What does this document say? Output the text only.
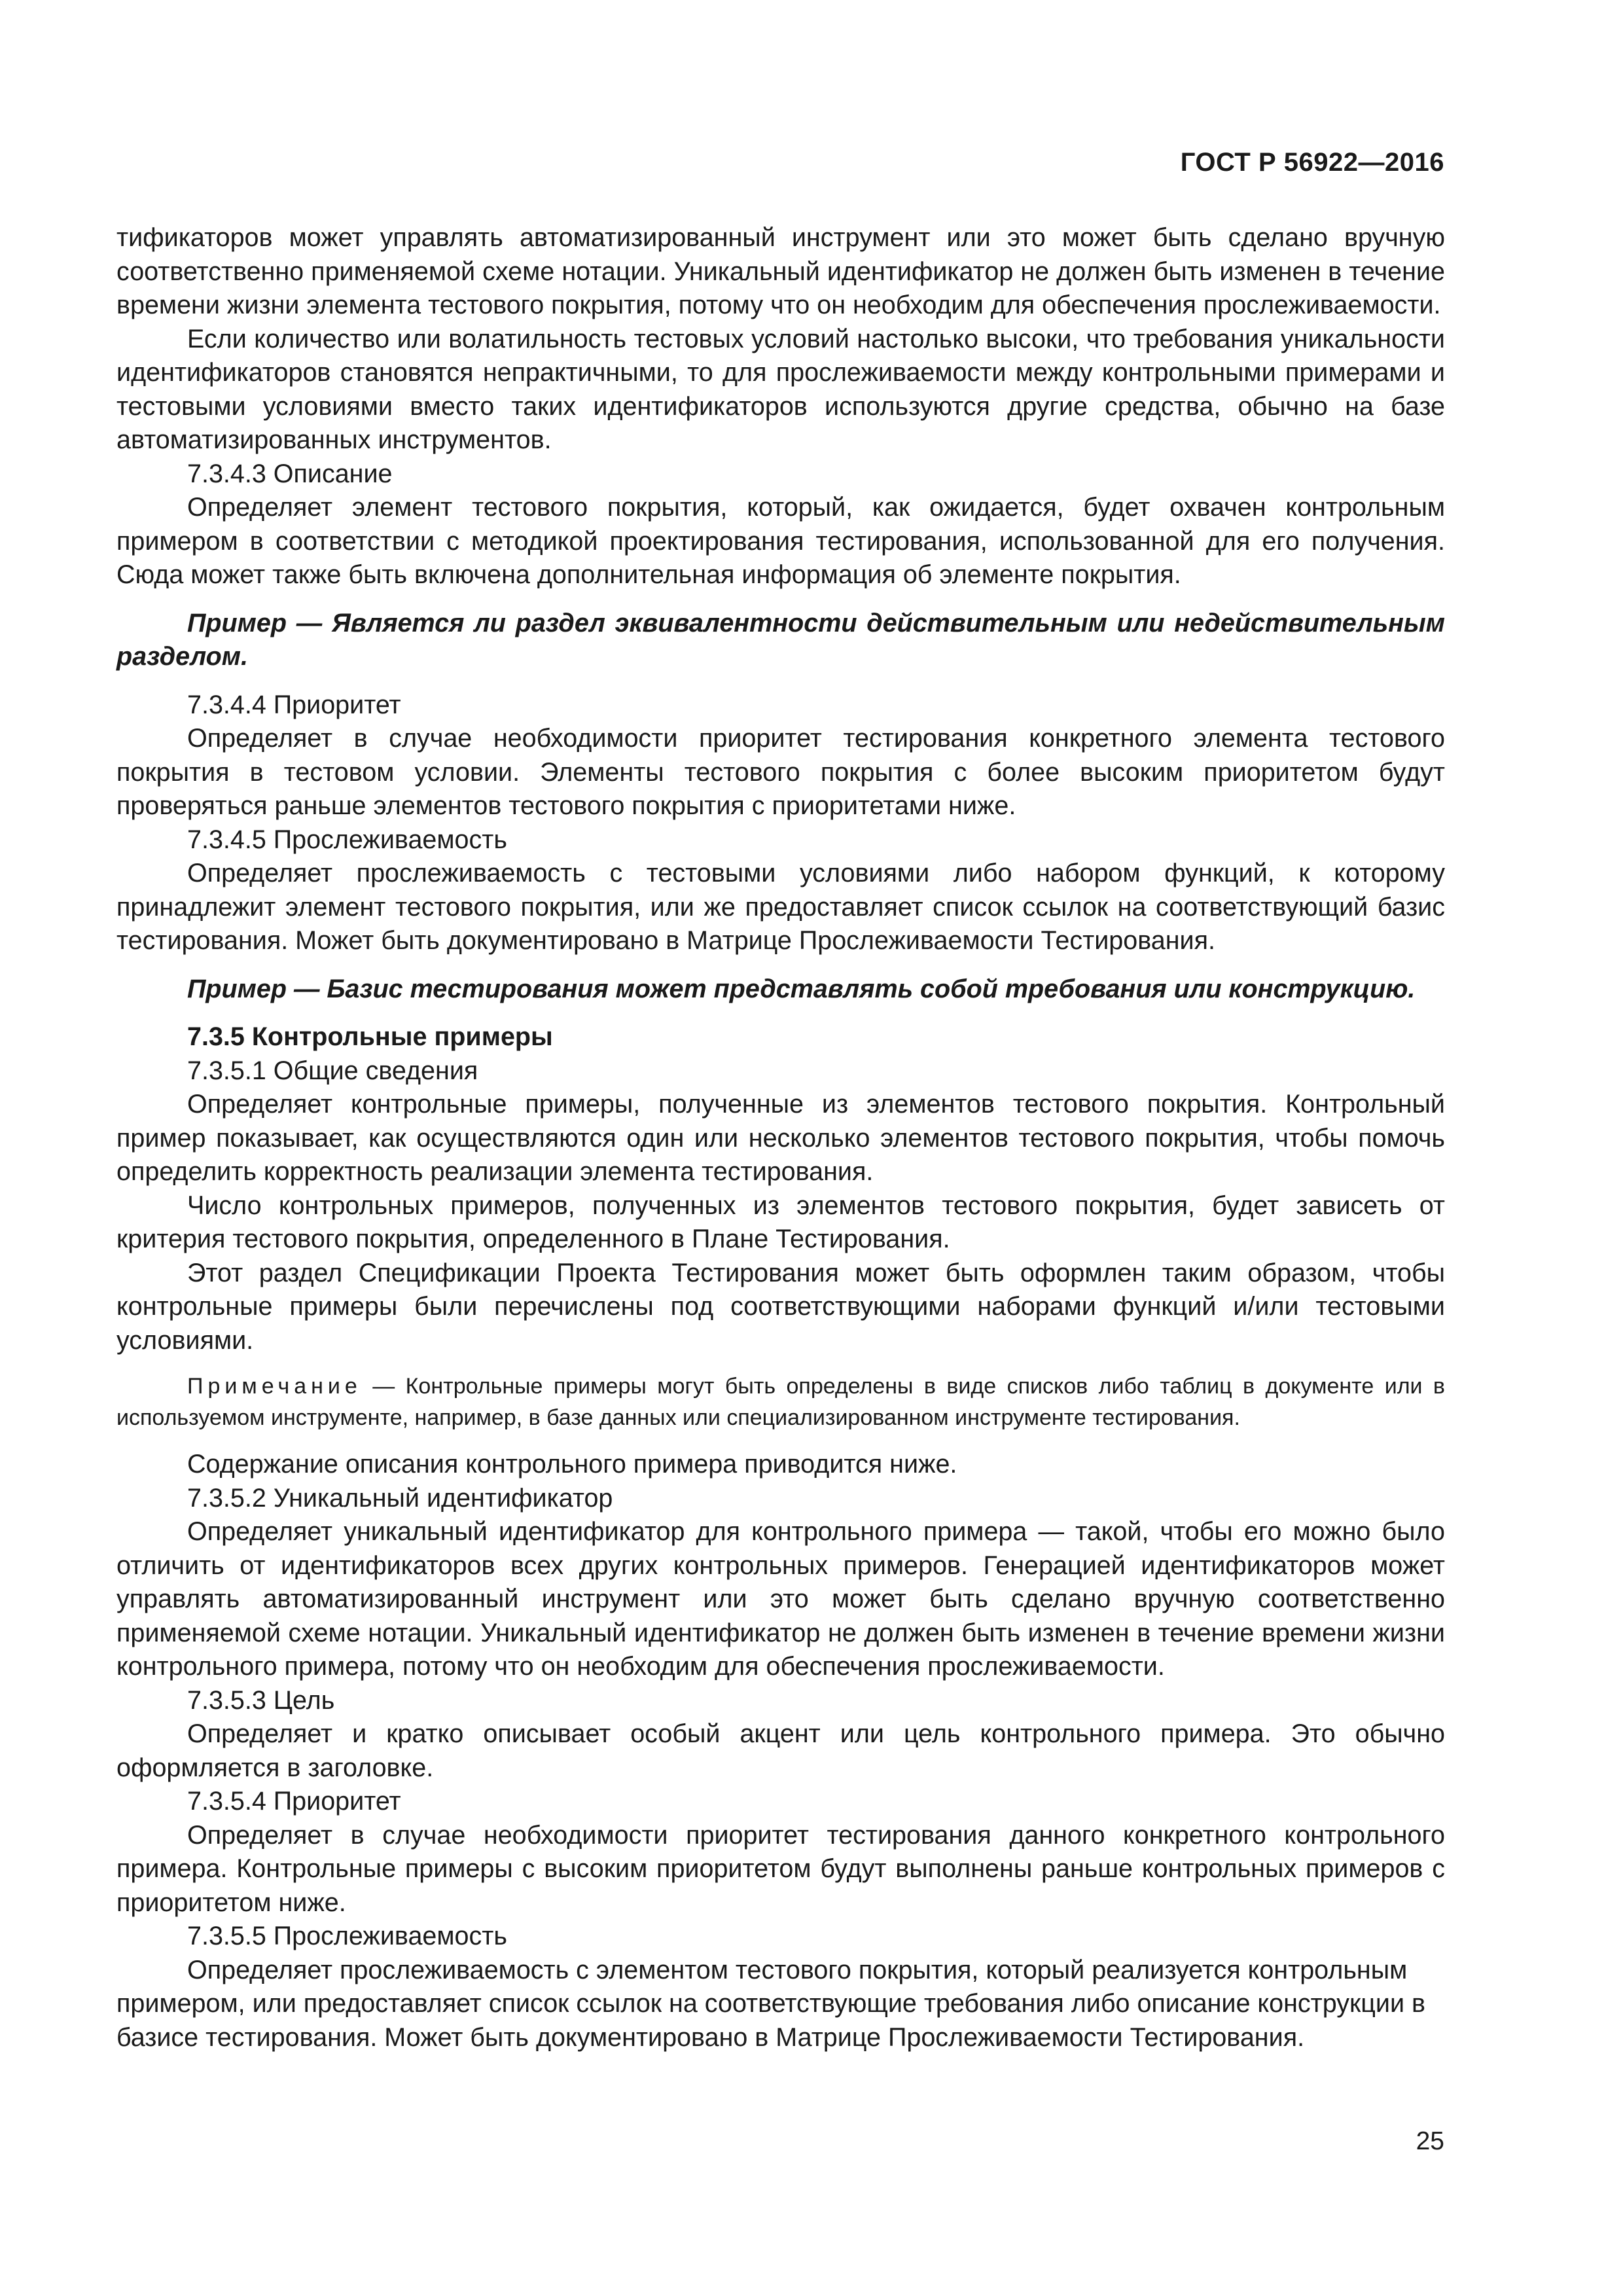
ГОСТ Р 56922—2016

тификаторов может управлять автоматизированный инструмент или это может быть сделано вручную соответственно применяемой схеме нотации. Уникальный идентификатор не должен быть изменен в течение времени жизни элемента тестового покрытия, потому что он необходим для обеспечения прослеживаемости.

Если количество или волатильность тестовых условий настолько высоки, что требования уникальности идентификаторов становятся непрактичными, то для прослеживаемости между контрольными примерами и тестовыми условиями вместо таких идентификаторов используются другие средства, обычно на базе автоматизированных инструментов.

7.3.4.3 Описание

Определяет элемент тестового покрытия, который, как ожидается, будет охвачен контрольным примером в соответствии с методикой проектирования тестирования, использованной для его получения. Сюда может также быть включена дополнительная информация об элементе покрытия.

Пример — Является ли раздел эквивалентности действительным или недействительным разделом.

7.3.4.4 Приоритет

Определяет в случае необходимости приоритет тестирования конкретного элемента тестового покрытия в тестовом условии. Элементы тестового покрытия с более высоким приоритетом будут проверяться раньше элементов тестового покрытия с приоритетами ниже.

7.3.4.5 Прослеживаемость

Определяет прослеживаемость с тестовыми условиями либо набором функций, к которому принадлежит элемент тестового покрытия, или же предоставляет список ссылок на соответствующий базис тестирования. Может быть документировано в Матрице Прослеживаемости Тестирования.

Пример — Базис тестирования может представлять собой требования или конструкцию.

7.3.5 Контрольные примеры

7.3.5.1 Общие сведения

Определяет контрольные примеры, полученные из элементов тестового покрытия. Контрольный пример показывает, как осуществляются один или несколько элементов тестового покрытия, чтобы помочь определить корректность реализации элемента тестирования.

Число контрольных примеров, полученных из элементов тестового покрытия, будет зависеть от критерия тестового покрытия, определенного в Плане Тестирования.

Этот раздел Спецификации Проекта Тестирования может быть оформлен таким образом, чтобы контрольные примеры были перечислены под соответствующими наборами функций и/или тестовыми условиями.

Примечание — Контрольные примеры могут быть определены в виде списков либо таблиц в документе или в используемом инструменте, например, в базе данных или специализированном инструменте тестирования.

Содержание описания контрольного примера приводится ниже.

7.3.5.2 Уникальный идентификатор

Определяет уникальный идентификатор для контрольного примера — такой, чтобы его можно было отличить от идентификаторов всех других контрольных примеров. Генерацией идентификаторов может управлять автоматизированный инструмент или это может быть сделано вручную соответственно применяемой схеме нотации. Уникальный идентификатор не должен быть изменен в течение времени жизни контрольного примера, потому что он необходим для обеспечения прослеживаемости.

7.3.5.3 Цель

Определяет и кратко описывает особый акцент или цель контрольного примера. Это обычно оформляется в заголовке.

7.3.5.4 Приоритет

Определяет в случае необходимости приоритет тестирования данного конкретного контрольного примера. Контрольные примеры с высоким приоритетом будут выполнены раньше контрольных примеров с приоритетом ниже.

7.3.5.5 Прослеживаемость

Определяет прослеживаемость с элементом тестового покрытия, который реализуется контрольным примером, или предоставляет список ссылок на соответствующие требования либо описание конструкции в базисе тестирования. Может быть документировано в Матрице Прослеживаемости Тестирования.

25
